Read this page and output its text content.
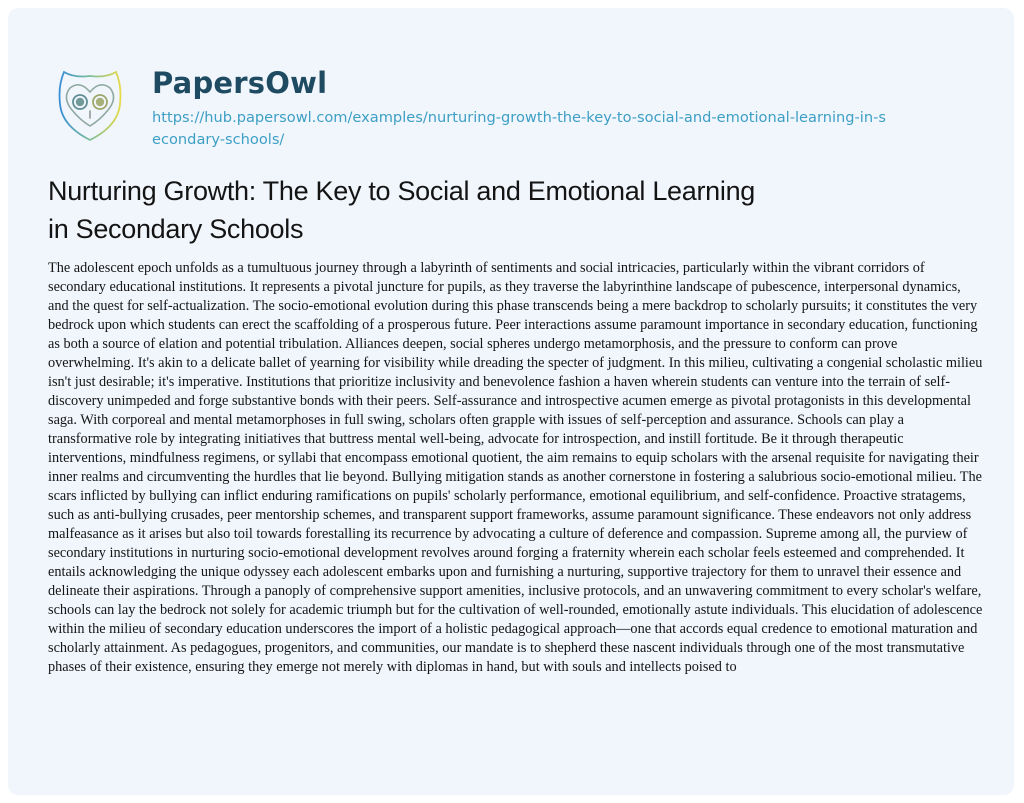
PapersOwl
https://hub.papersowl.com/examples/nurturing-growth-the-key-to-social-and-emotional-learning-in-secondary-schools/
Nurturing Growth: The Key to Social and Emotional Learning in Secondary Schools

The adolescent epoch unfolds as a tumultuous journey through a labyrinth of sentiments and social intricacies, particularly within the vibrant corridors of secondary educational institutions. It represents a pivotal juncture for pupils, as they traverse the labyrinthine landscape of pubescence, interpersonal dynamics, and the quest for self-actualization. The socio-emotional evolution during this phase transcends being a mere backdrop to scholarly pursuits; it constitutes the very bedrock upon which students can erect the scaffolding of a prosperous future. Peer interactions assume paramount importance in secondary education, functioning as both a source of elation and potential tribulation. Alliances deepen, social spheres undergo metamorphosis, and the pressure to conform can prove overwhelming. It's akin to a delicate ballet of yearning for visibility while dreading the specter of judgment. In this milieu, cultivating a congenial scholastic milieu isn't just desirable; it's imperative. Institutions that prioritize inclusivity and benevolence fashion a haven wherein students can venture into the terrain of self-discovery unimpeded and forge substantive bonds with their peers. Self-assurance and introspective acumen emerge as pivotal protagonists in this developmental saga. With corporeal and mental metamorphoses in full swing, scholars often grapple with issues of self-perception and assurance. Schools can play a transformative role by integrating initiatives that buttress mental well-being, advocate for introspection, and instill fortitude. Be it through therapeutic interventions, mindfulness regimens, or syllabi that encompass emotional quotient, the aim remains to equip scholars with the arsenal requisite for navigating their inner realms and circumventing the hurdles that lie beyond. Bullying mitigation stands as another cornerstone in fostering a salubrious socio-emotional milieu. The scars inflicted by bullying can inflict enduring ramifications on pupils' scholarly performance, emotional equilibrium, and self-confidence. Proactive stratagems, such as anti-bullying crusades, peer mentorship schemes, and transparent support frameworks, assume paramount significance. These endeavors not only address malfeasance as it arises but also toil towards forestalling its recurrence by advocating a culture of deference and compassion. Supreme among all, the purview of secondary institutions in nurturing socio-emotional development revolves around forging a fraternity wherein each scholar feels esteemed and comprehended. It entails acknowledging the unique odyssey each adolescent embarks upon and furnishing a nurturing, supportive trajectory for them to unravel their essence and delineate their aspirations. Through a panoply of comprehensive support amenities, inclusive protocols, and an unwavering commitment to every scholar's welfare, schools can lay the bedrock not solely for academic triumph but for the cultivation of well-rounded, emotionally astute individuals. This elucidation of adolescence within the milieu of secondary education underscores the import of a holistic pedagogical approach—one that accords equal credence to emotional maturation and scholarly attainment. As pedagogues, progenitors, and communities, our mandate is to shepherd these nascent individuals through one of the most transmutative phases of their existence, ensuring they emerge not merely with diplomas in hand, but with souls and intellects poised to
